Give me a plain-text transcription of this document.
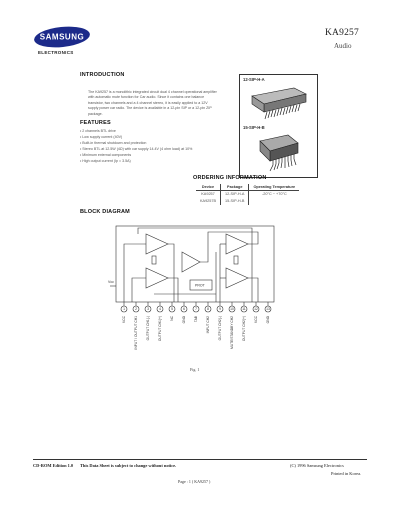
SAMSUNG
ELECTRONICS
KA9257
Audio
INTRODUCTION
The KA9257 is a monolithic integrated circuit dual 4 channel operational amplifier with automatic mute function for Car audio. Since it contains one balance transistor, two channels and a 4 channel stereo, it is easily applied to a 12V supply power car radio. The device is available in a 12-pin SIP or a 12-pin ZIP package.
FEATURES
• 2 channels BTL drive
• Low supply current (40V)
• Built-in thermal shutdown and protection
• Stereo BTL at 12.5W (4Ω) with car supply 14.4V (4 ohm load) at 10%
• Minimum external components
• High output current (Ip = 3.5A)
12-SIP-H-A
15-SIP-H-B
ORDERING INFORMATION
Device	Package	Operating Temperature
KA9257	12-SIP-H-A	-20°C ~ +70°C
KA9257B	15-SIP-H-B	
BLOCK DIAGRAM
Vcc
PROT
1
VCC
2
INPUT / OUTPUT CH1
3
OUTPUT CH1(-)
4
OUTPUT CH1(+)
5
NC
6
GND
7
TAB
8
INPUT CH2
9
OUTPUT CH2(-)
10
MUTE/STANDBY CH2
11
OUTPUT CH2(+)
12
VCC
13
GND
Fig. 1
CD-ROM Edition 1.0 This Data Sheet is subject to change without notice.	(C) 1996 Samsung Electronics
Printed in Korea.
Page : 1 ( KA9257 )
